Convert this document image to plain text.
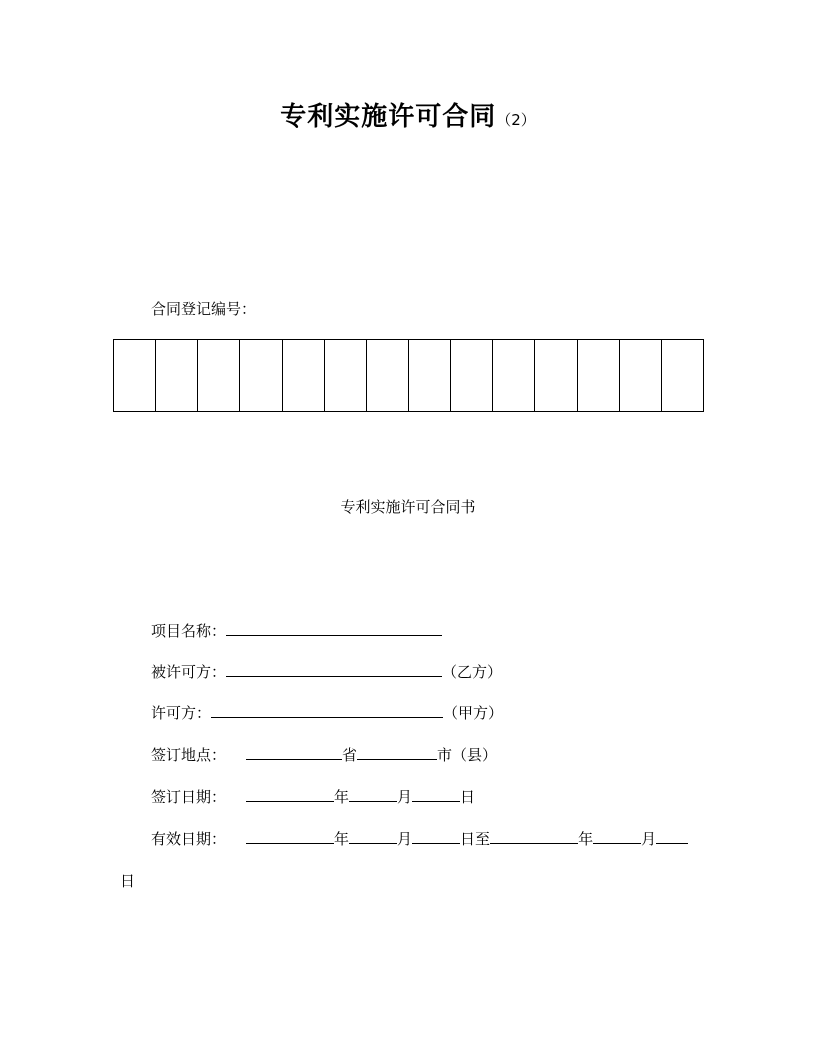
专利实施许可合同（2）
合同登记编号：

专利实施许可合同书
项目名称：
被许可方：	（乙方）
许可方：	（甲方）
签订地点：	省	市（县）
签订日期：	年	月	日
有效日期：	年	月	日至	年	月
日
